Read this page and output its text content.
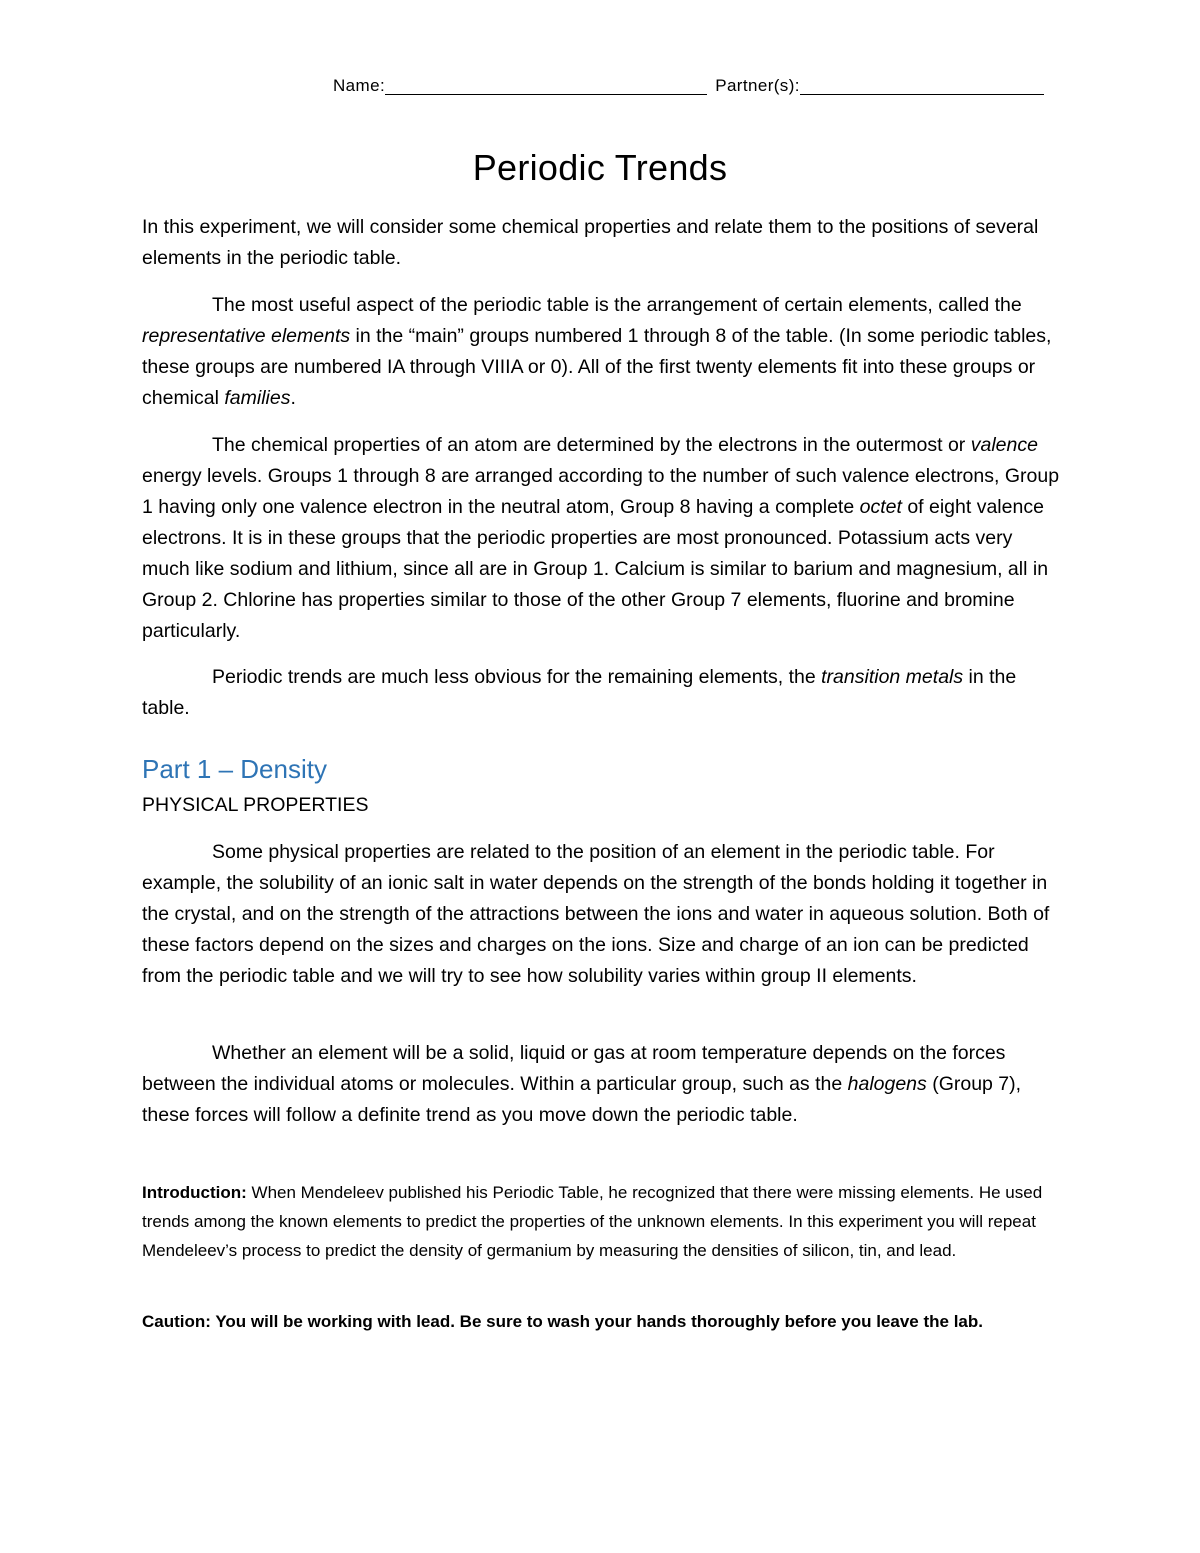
Name:	Partner(s):
Periodic Trends

In this experiment, we will consider some chemical properties and relate them to the positions of several elements in the periodic table.

The most useful aspect of the periodic table is the arrangement of certain elements, called the representative elements in the “main” groups numbered 1 through 8 of the table. (In some periodic tables, these groups are numbered IA through VIIIA or 0). All of the first twenty elements fit into these groups or chemical families.

The chemical properties of an atom are determined by the electrons in the outermost or valence energy levels. Groups 1 through 8 are arranged according to the number of such valence electrons, Group 1 having only one valence electron in the neutral atom, Group 8 having a complete octet of eight valence electrons. It is in these groups that the periodic properties are most pronounced. Potassium acts very much like sodium and lithium, since all are in Group 1. Calcium is similar to barium and magnesium, all in Group 2. Chlorine has properties similar to those of the other Group 7 elements, fluorine and bromine particularly.

Periodic trends are much less obvious for the remaining elements, the transition metals in the table.

Part 1 – Density
PHYSICAL PROPERTIES

Some physical properties are related to the position of an element in the periodic table. For example, the solubility of an ionic salt in water depends on the strength of the bonds holding it together in the crystal, and on the strength of the attractions between the ions and water in aqueous solution. Both of these factors depend on the sizes and charges on the ions. Size and charge of an ion can be predicted from the periodic table and we will try to see how solubility varies within group II elements.

Whether an element will be a solid, liquid or gas at room temperature depends on the forces between the individual atoms or molecules. Within a particular group, such as the halogens (Group 7), these forces will follow a definite trend as you move down the periodic table.

Introduction: When Mendeleev published his Periodic Table, he recognized that there were missing elements. He used trends among the known elements to predict the properties of the unknown elements. In this experiment you will repeat Mendeleev’s process to predict the density of germanium by measuring the densities of silicon, tin, and lead.

Caution: You will be working with lead. Be sure to wash your hands thoroughly before you leave the lab.
